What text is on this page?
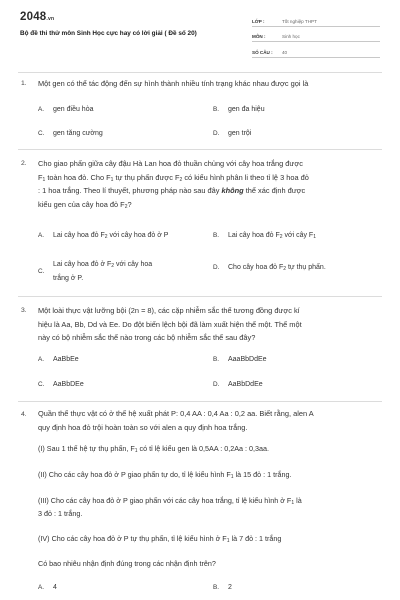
2048.vn
Bộ đề thi thử môn Sinh Học cực hay có lời giải ( Đề số 20)
LỚP :	Tốt nghiệp THPT
MÔN :	Sinh học
SỐ CÂU :	40
1. Một gen có thể tác động đến sự hình thành nhiều tính trạng khác nhau được gọi là
A. gen điều hòa	B. gen đa hiệu
C. gen tăng cường	D. gen trội
2. Cho giao phấn giữa cây đậu Hà Lan hoa đỏ thuần chủng với cây hoa trắng được
$F_1$ toàn hoa đỏ. Cho $F_1$ tự thụ phấn được $F_2$ có kiểu hình phân li theo tỉ lệ 3 hoa đỏ
: 1 hoa trắng. Theo lí thuyết, phương pháp nào sau đây không thể xác định được
kiểu gen của cây hoa đỏ $F_2$?
A. Lai cây hoa đỏ $F_2$ với cây hoa đỏ ở P	B. Lai cây hoa đỏ $F_2$ với cây $F_1$
C.Lai cây hoa đỏ ở $F_2$ với cây hoa
trắng ở P.
D. Cho cây hoa đỏ $F_2$ tự thụ phấn.
3. Một loài thực vật lưỡng bội (2n = 8), các cặp nhiễm sắc thể tương đồng được kí
hiệu là Aa, Bb, Dd và Ee. Do đột biến lệch bội đã làm xuất hiện thể một. Thể một
này có bộ nhiễm sắc thể nào trong các bộ nhiễm sắc thể sau đây?
A. AaBbEe	B. AaaBbDdEe
C. AaBbDEe	D. AaBbDdEe
4. Quần thể thực vật có ở thế hệ xuất phát P: 0,4 AA : 0,4 Aa : 0,2 aa. Biết rằng, alen A
quy định hoa đỏ trội hoàn toàn so với alen a quy định hoa trắng.
(I) Sau 1 thế hệ tự thụ phấn, $F_1$ có tỉ lệ kiểu gen là 0,5AA : 0,2Aa : 0,3aa.
(II) Cho các cây hoa đỏ ở P giao phấn tự do, tỉ lệ kiểu hình $F_1$ là 15 đỏ : 1 trắng.
(III) Cho các cây hoa đỏ ở P giao phấn với các cây hoa trắng, tỉ lệ kiểu hình ở $F_1$ là
3 đỏ : 1 trắng.
(IV) Cho các cây hoa đỏ ở P tự thụ phấn, tỉ lệ kiểu hình ở $F_1$ là 7 đỏ : 1 trắng
Có bao nhiêu nhận định đúng trong các nhận định trên?
A. 4	B. 2
